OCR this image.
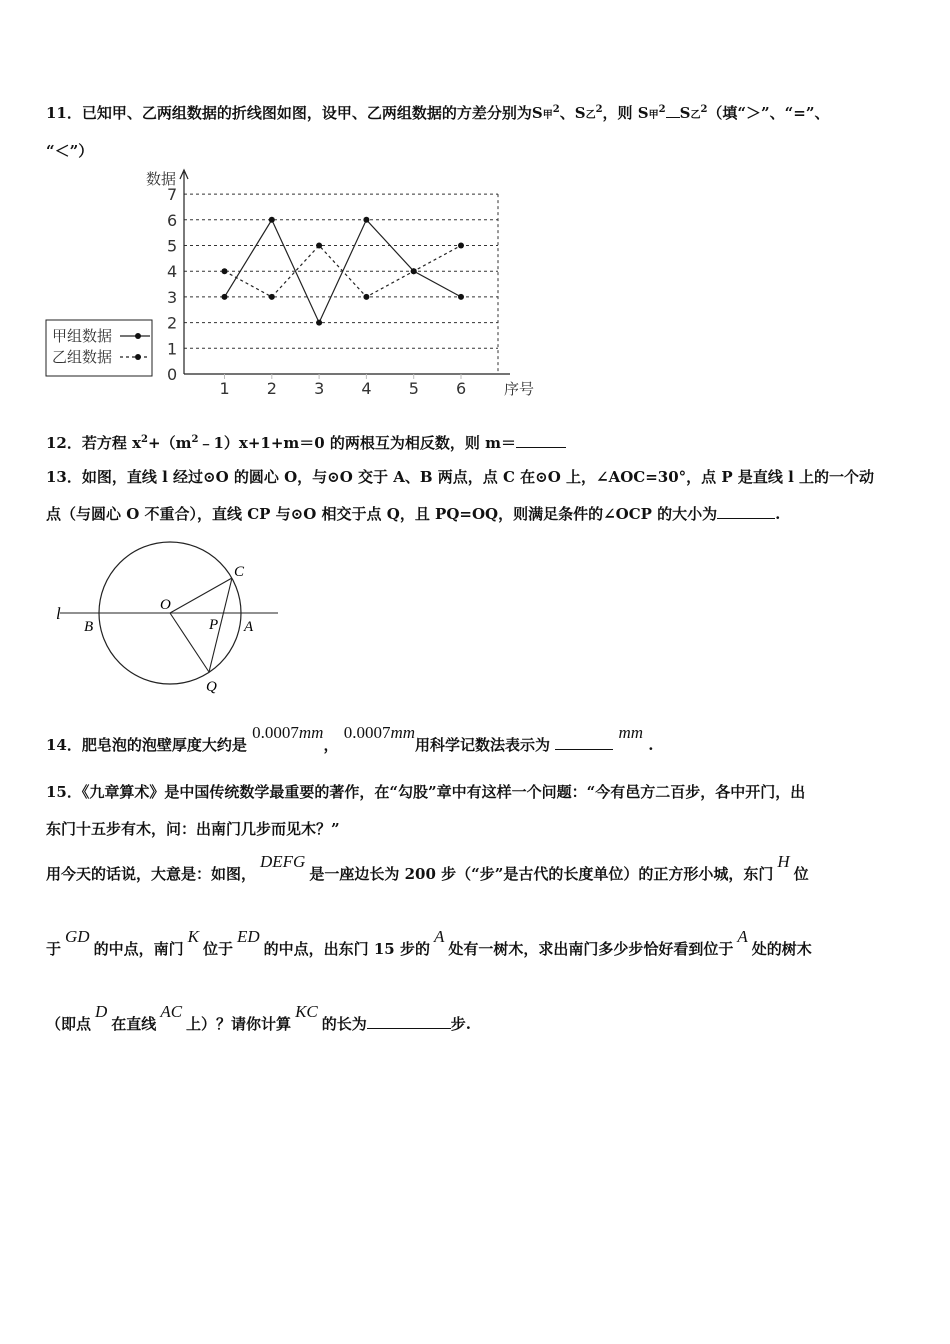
11．已知甲、乙两组数据的折线图如图，设甲、乙两组数据的方差分别为S甲$^2$、S乙$^2$，则 S甲$^2$ S乙$^2$（填“＞”、“=”、
“＜”）
0
1
2
3
4
5
6
7
1 2 3 4 5 6
数据
序号
甲组数据
乙组数据
12．若方程 $x^2+(m^2﹣1)x+1+m=0$ 的两根互为相反数，则 m＝
13．如图，直线 l 经过⊙O 的圆心 O，与⊙O 交于 A、B 两点，点 C 在⊙O 上，∠AOC=30°，点 P 是直线 l 上的一个动
点（与圆心 O 不重合），直线 CP 与⊙O 相交于点 Q，且 PQ=OQ，则满足条件的∠OCP 的大小为	.
l
B
O
P A
C
Q
14．肥皂泡的泡壁厚度大约是 0.0007mm， 0.0007mm用科学记数法表示为  mm .
15．《九章算术》是中国传统数学最重要的著作，在“勾股”章中有这样一个问题：“今有邑方二百步，各中开门，出
东门十五步有木，问：出南门几步而见木？”
用今天的话说，大意是：如图，DEFG是一座边长为 200 步（“步”是古代的长度单位）的正方形小城，东门H位
于GD的中点，南门K位于ED的中点，出东门 15 步的A处有一树木，求出南门多少步恰好看到位于A处的树木
（即点D在直线AC上）？请你计算KC的长为	步.
